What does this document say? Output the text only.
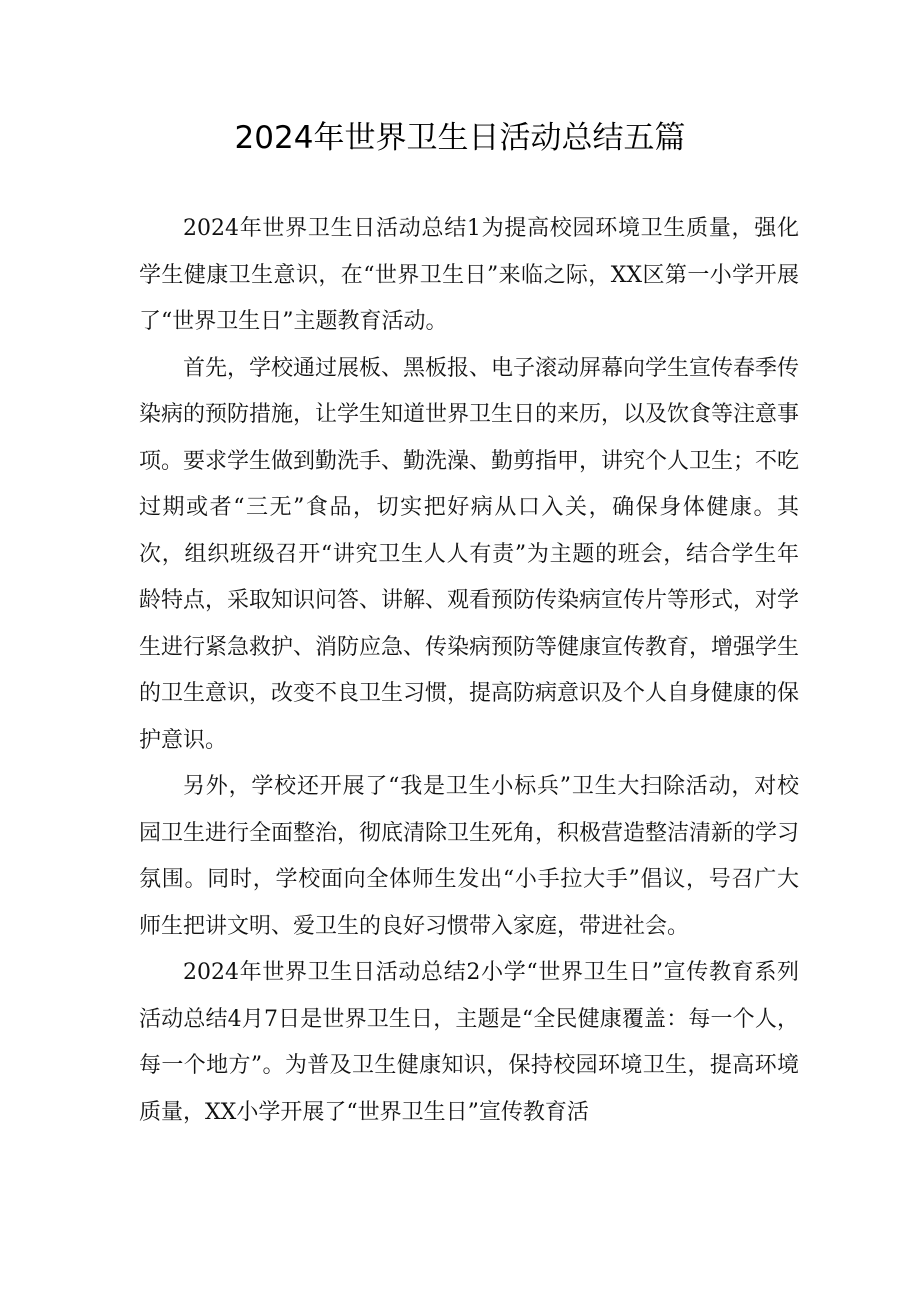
2024年世界卫生日活动总结五篇

2024年世界卫生日活动总结1为提高校园环境卫生质量，强化学生健康卫生意识，在“世界卫生日”来临之际，XX区第一小学开展了“世界卫生日”主题教育活动。

首先，学校通过展板、黑板报、电子滚动屏幕向学生宣传春季传染病的预防措施，让学生知道世界卫生日的来历，以及饮食等注意事项。要求学生做到勤洗手、勤洗澡、勤剪指甲，讲究个人卫生；不吃过期或者“三无”食品，切实把好病从口入关，确保身体健康。其次，组织班级召开“讲究卫生人人有责”为主题的班会，结合学生年龄特点，采取知识问答、讲解、观看预防传染病宣传片等形式，对学生进行紧急救护、消防应急、传染病预防等健康宣传教育，增强学生的卫生意识，改变不良卫生习惯，提高防病意识及个人自身健康的保护意识。

另外，学校还开展了“我是卫生小标兵”卫生大扫除活动，对校园卫生进行全面整治，彻底清除卫生死角，积极营造整洁清新的学习氛围。同时，学校面向全体师生发出“小手拉大手”倡议，号召广大师生把讲文明、爱卫生的良好习惯带入家庭，带进社会。

2024年世界卫生日活动总结2小学“世界卫生日”宣传教育系列活动总结4月7日是世界卫生日，主题是“全民健康覆盖：每一个人，每一个地方”。为普及卫生健康知识，保持校园环境卫生，提高环境质量，XX小学开展了“世界卫生日”宣传教育活
